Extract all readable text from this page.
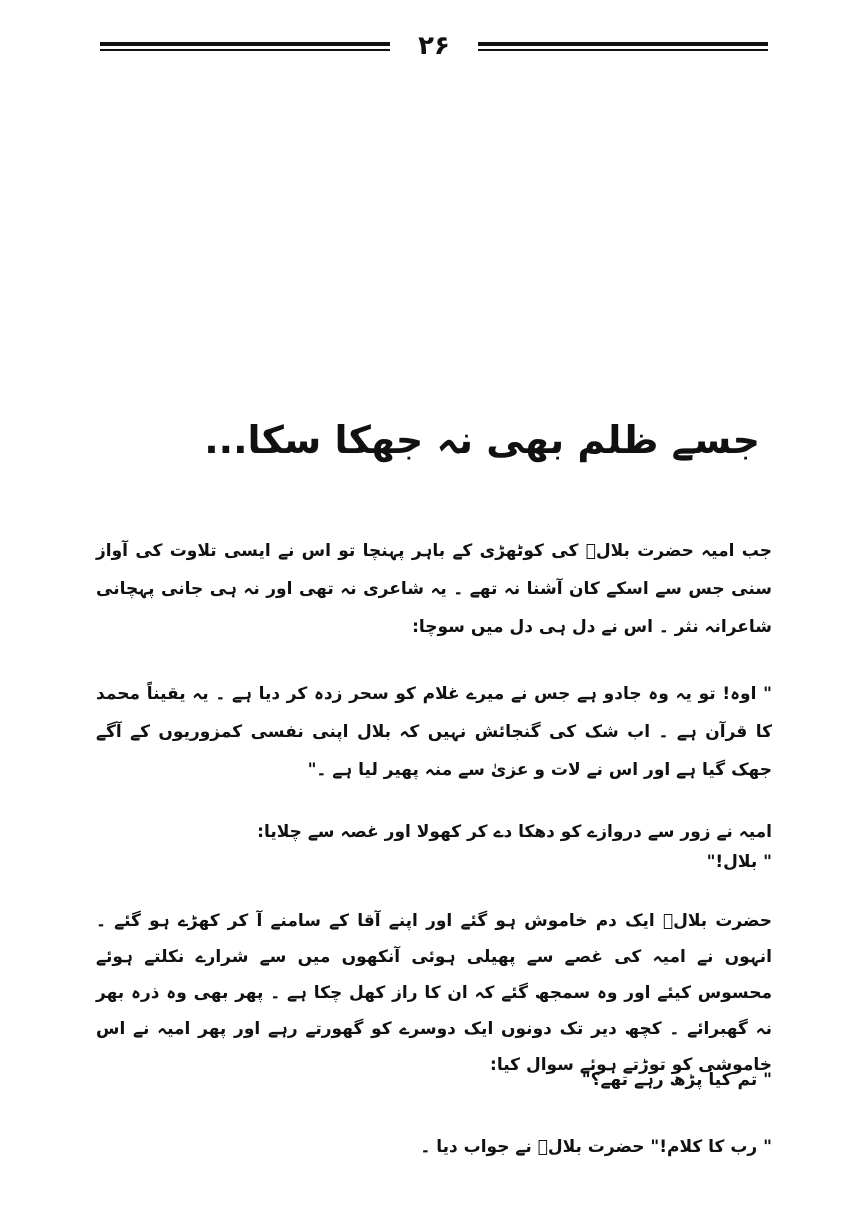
۲۶
جسے ظلم بھی نہ جھکا سکا...

جب امیہ حضرت بلالؓ کی کوٹھڑی کے باہر پہنچا تو اس نے ایسی تلاوت کی آواز سنی جس سے اسکے کان آشنا نہ تھے ۔ یہ شاعری نہ تھی اور نہ ہی جانی پہچانی شاعرانہ نثر ۔ اس نے دل ہی دل میں سوچا:

" اوہ! تو یہ وہ جادو ہے جس نے میرے غلام کو سحر زدہ کر دیا ہے ۔ یہ یقیناً محمد کا قرآن ہے ۔ اب شک کی گنجائش نہیں کہ بلال اپنی نفسی کمزوریوں کے آگے جھک گیا ہے اور اس نے لات و عزیٰ سے منہ پھیر لیا ہے ۔"

امیہ نے زور سے دروازے کو دھکا دے کر کھولا اور غصہ سے چلایا:

" بلال!"

حضرت بلالؓ ایک دم خاموش ہو گئے اور اپنے آقا کے سامنے آ کر کھڑے ہو گئے ۔ انہوں نے امیہ کی غصے سے پھیلی ہوئی آنکھوں میں سے شرارے نکلتے ہوئے محسوس کیئے اور وہ سمجھ گئے کہ ان کا راز کھل چکا ہے ۔ پھر بھی وہ ذرہ بھر نہ گھبرائے ۔ کچھ دیر تک دونوں ایک دوسرے کو گھورتے رہے اور پھر امیہ نے اس خاموشی کو توڑتے ہوئے سوال کیا:

" تم کیا پڑھ رہے تھے؟"

" رب کا کلام!" حضرت بلالؓ نے جواب دیا ۔
